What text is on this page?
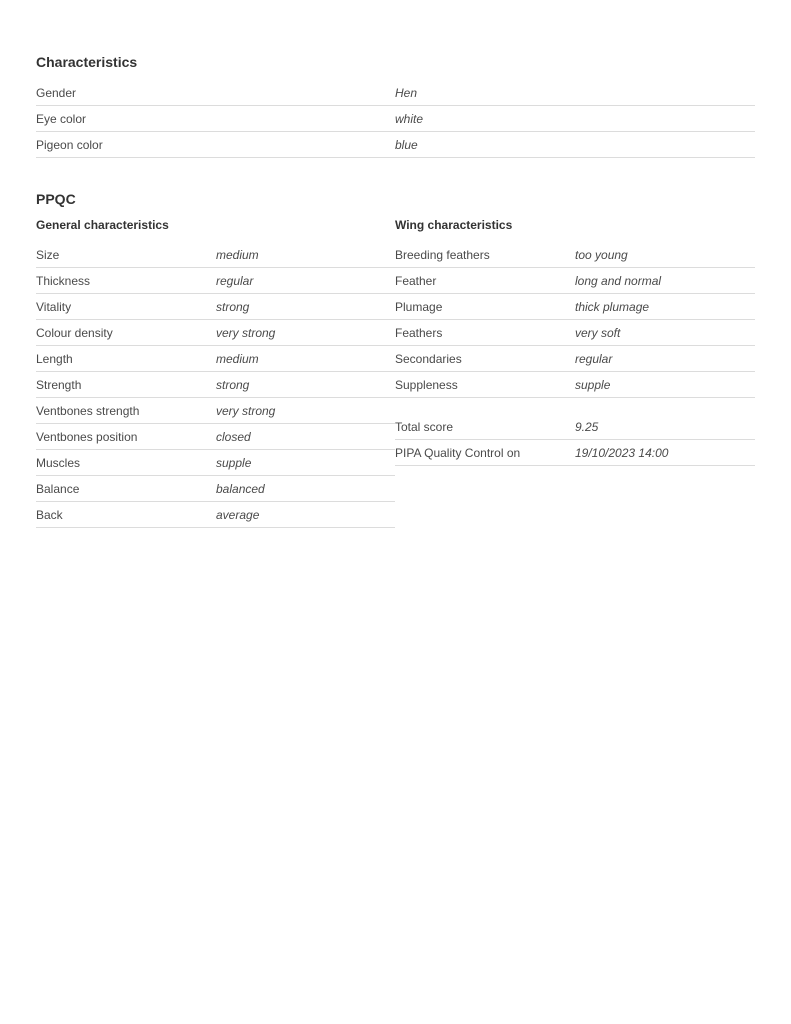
Characteristics
Gender	Hen
Eye color	white
Pigeon color	blue
PPQC
General characteristics
Size	medium
Thickness	regular
Vitality	strong
Colour density	very strong
Length	medium
Strength	strong
Ventbones strength	very strong
Ventbones position	closed
Muscles	supple
Balance	balanced
Back	average
Wing characteristics
Breeding feathers	too young
Feather	long and normal
Plumage	thick plumage
Feathers	very soft
Secondaries	regular
Suppleness	supple
Total score	9.25
PIPA Quality Control on	19/10/2023 14:00
